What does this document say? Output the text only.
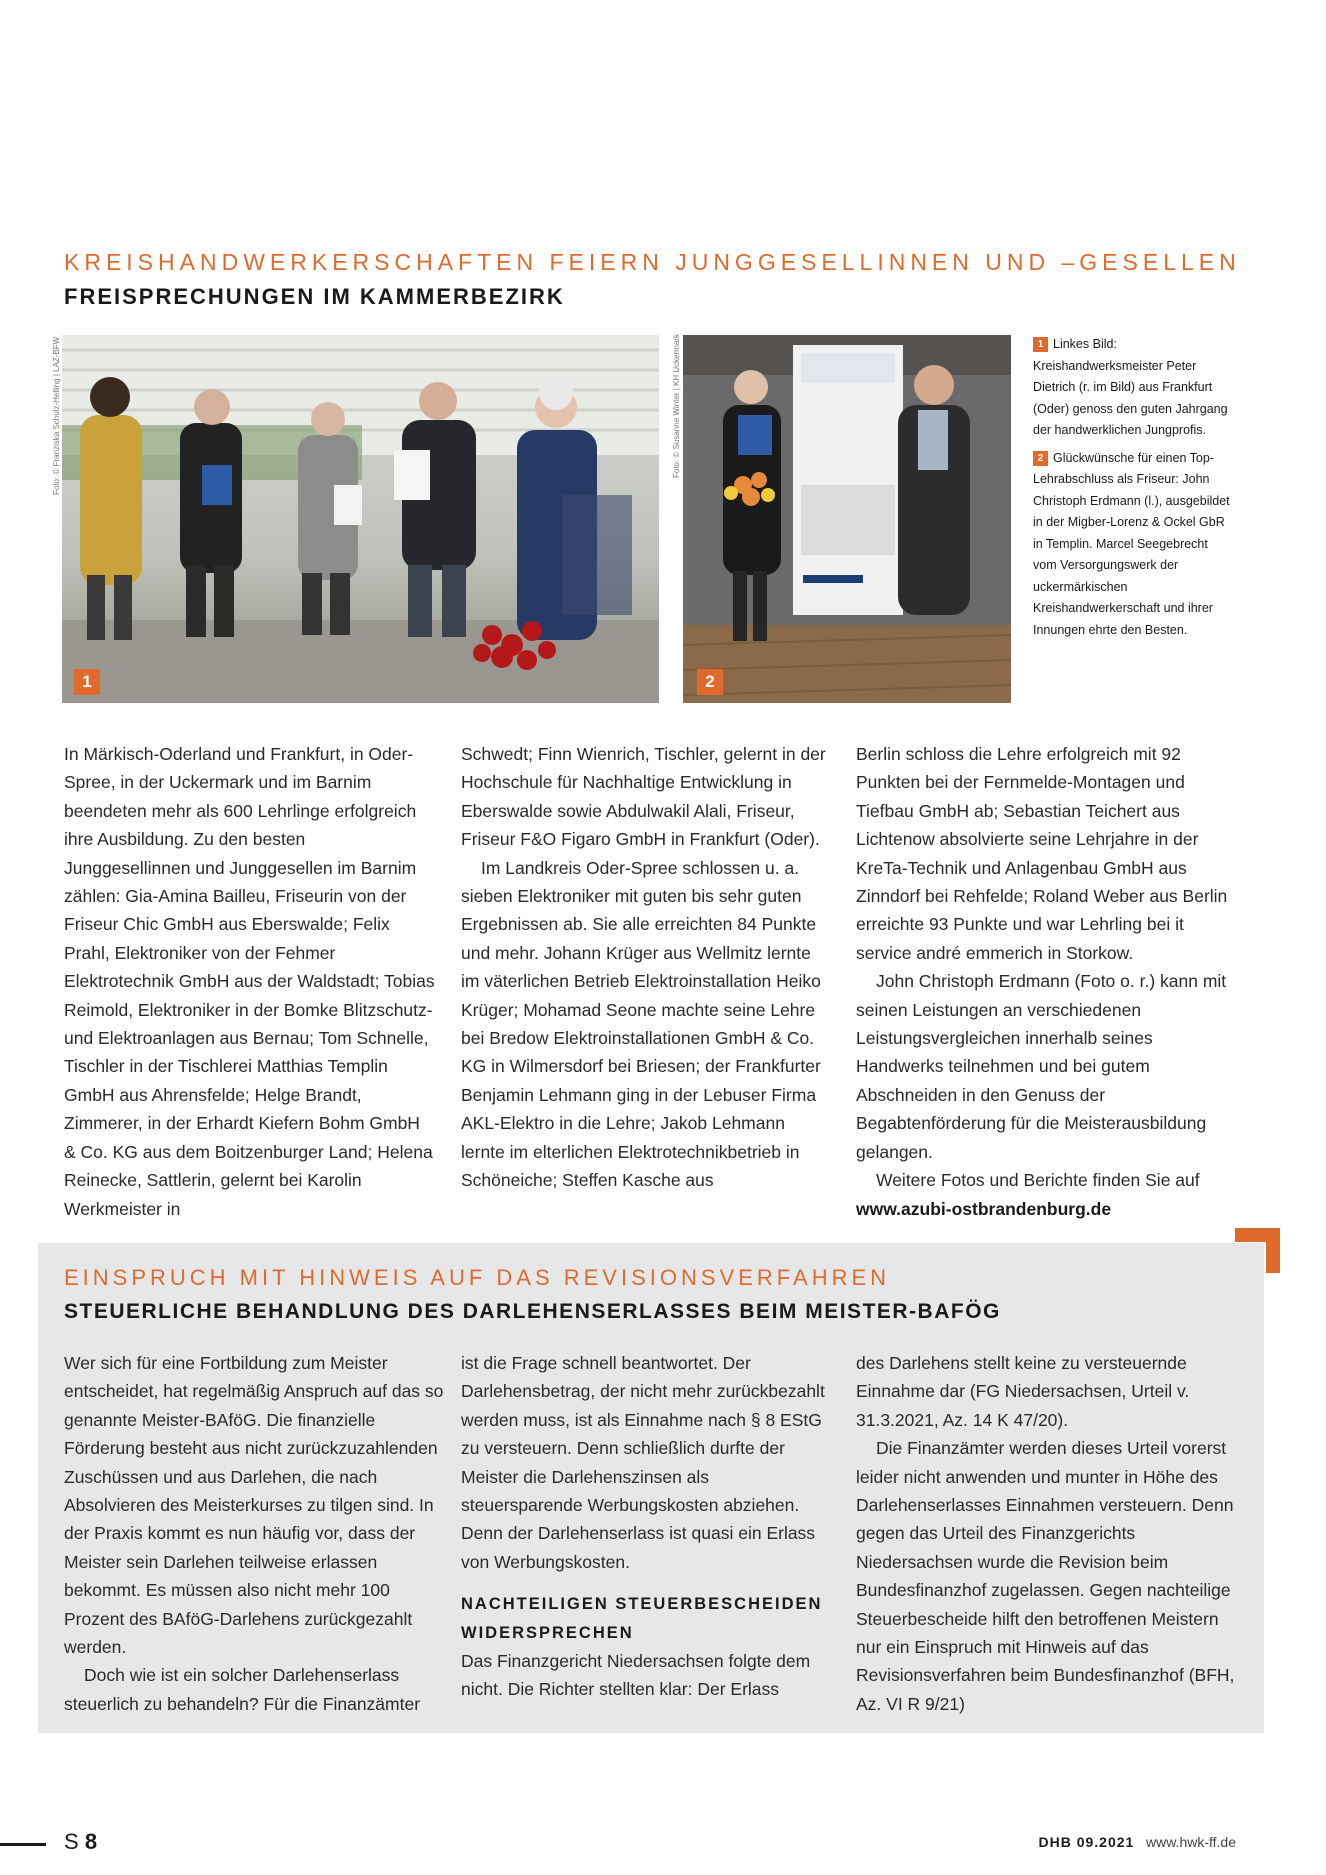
KREISHANDWERKERSCHAFTEN FEIERN JUNGGESELLINNEN UND –GESELLEN
FREISPRECHUNGEN IM KAMMERBEZIRK
Foto: © Franziska Schulz-Helling | LAZ-BFW
1
Foto: © Susanne Winter | KH Uckermark
2
1 Linkes Bild: Kreishandwerksmeister Peter Dietrich (r. im Bild) aus Frankfurt (Oder) genoss den guten Jahrgang der handwerklichen Jungprofis.
2 Glückwünsche für einen Top-Lehrabschluss als Friseur: John Christoph Erdmann (l.), ausgebildet in der Migber-Lorenz & Ockel GbR in Templin. Marcel Seegebrecht vom Versorgungswerk der uckermärkischen Kreishandwerkerschaft und ihrer Innungen ehrte den Besten.

In Märkisch-Oderland und Frankfurt, in Oder-Spree, in der Uckermark und im Barnim beendeten mehr als 600 Lehrlinge erfolgreich ihre Ausbildung. Zu den besten Junggesellinnen und Junggesellen im Barnim zählen: Gia-Amina Bailleu, Friseurin von der Friseur Chic GmbH aus Eberswalde; Felix Prahl, Elektroniker von der Fehmer Elektrotechnik GmbH aus der Waldstadt; Tobias Reimold, Elektroniker in der Bomke Blitzschutz- und Elektroanlagen aus Bernau; Tom Schnelle, Tischler in der Tischlerei Matthias Templin GmbH aus Ahrensfelde; Helge Brandt, Zimmerer, in der Erhardt Kiefern Bohm GmbH & Co. KG aus dem Boitzenburger Land; Helena Reinecke, Sattlerin, gelernt bei Karolin Werkmeister in

Schwedt; Finn Wienrich, Tischler, gelernt in der Hochschule für Nachhaltige Entwicklung in Eberswalde sowie Abdulwakil Alali, Friseur, Friseur F&O Figaro GmbH in Frankfurt (Oder).

Im Landkreis Oder-Spree schlossen u. a. sieben Elektroniker mit guten bis sehr guten Ergebnissen ab. Sie alle erreichten 84 Punkte und mehr. Johann Krüger aus Wellmitz lernte im väterlichen Betrieb Elektroinstallation Heiko Krüger; Mohamad Seone machte seine Lehre bei Bredow Elektroinstallationen GmbH & Co. KG in Wilmersdorf bei Briesen; der Frankfurter Benjamin Lehmann ging in der Lebuser Firma AKL-Elektro in die Lehre; Jakob Lehmann lernte im elterlichen Elektrotechnikbetrieb in Schöneiche; Steffen Kasche aus

Berlin schloss die Lehre erfolgreich mit 92 Punkten bei der Fernmelde-Montagen und Tiefbau GmbH ab; Sebastian Teichert aus Lichtenow absolvierte seine Lehrjahre in der KreTa-Technik und Anlagenbau GmbH aus Zinndorf bei Rehfelde; Roland Weber aus Berlin erreichte 93 Punkte und war Lehrling bei it service andré emmerich in Storkow.

John Christoph Erdmann (Foto o. r.) kann mit seinen Leistungen an verschiedenen Leistungsvergleichen innerhalb seines Handwerks teilnehmen und bei gutem Abschneiden in den Genuss der Begabtenförderung für die Meisterausbildung gelangen.

Weitere Fotos und Berichte finden Sie auf

www.azubi-ostbrandenburg.de

EINSPRUCH MIT HINWEIS AUF DAS REVISIONSVERFAHREN
STEUERLICHE BEHANDLUNG DES DARLEHENSERLASSES BEIM MEISTER-BAFÖG

Wer sich für eine Fortbildung zum Meister entscheidet, hat regelmäßig Anspruch auf das so genannte Meister-BAföG. Die finanzielle Förderung besteht aus nicht zurückzuzahlenden Zuschüssen und aus Darlehen, die nach Absolvieren des Meisterkurses zu tilgen sind. In der Praxis kommt es nun häufig vor, dass der Meister sein Darlehen teilweise erlassen bekommt. Es müssen also nicht mehr 100 Prozent des BAföG-Darlehens zurückgezahlt werden.

Doch wie ist ein solcher Darlehenserlass steuerlich zu behandeln? Für die Finanzämter

ist die Frage schnell beantwortet. Der Darlehensbetrag, der nicht mehr zurückbezahlt werden muss, ist als Einnahme nach § 8 EStG zu versteuern. Denn schließlich durfte der Meister die Darlehenszinsen als steuersparende Werbungskosten abziehen. Denn der Darlehenserlass ist quasi ein Erlass von Werbungskosten.

NACHTEILIGEN STEUERBESCHEIDEN WIDERSPRECHEN

Das Finanzgericht Niedersachsen folgte dem nicht. Die Richter stellten klar: Der Erlass

des Darlehens stellt keine zu versteuernde Einnahme dar (FG Niedersachsen, Urteil v. 31.3.2021, Az. 14 K 47/20).

Die Finanzämter werden dieses Urteil vorerst leider nicht anwenden und munter in Höhe des Darlehenserlasses Einnahmen versteuern. Denn gegen das Urteil des Finanzgerichts Niedersachsen wurde die Revision beim Bundesfinanzhof zugelassen. Gegen nachteilige Steuerbescheide hilft den betroffenen Meistern nur ein Einspruch mit Hinweis auf das Revisionsverfahren beim Bundesfinanzhof (BFH, Az. VI R 9/21)

S 8	DHB 09.2021 www.hwk-ff.de
